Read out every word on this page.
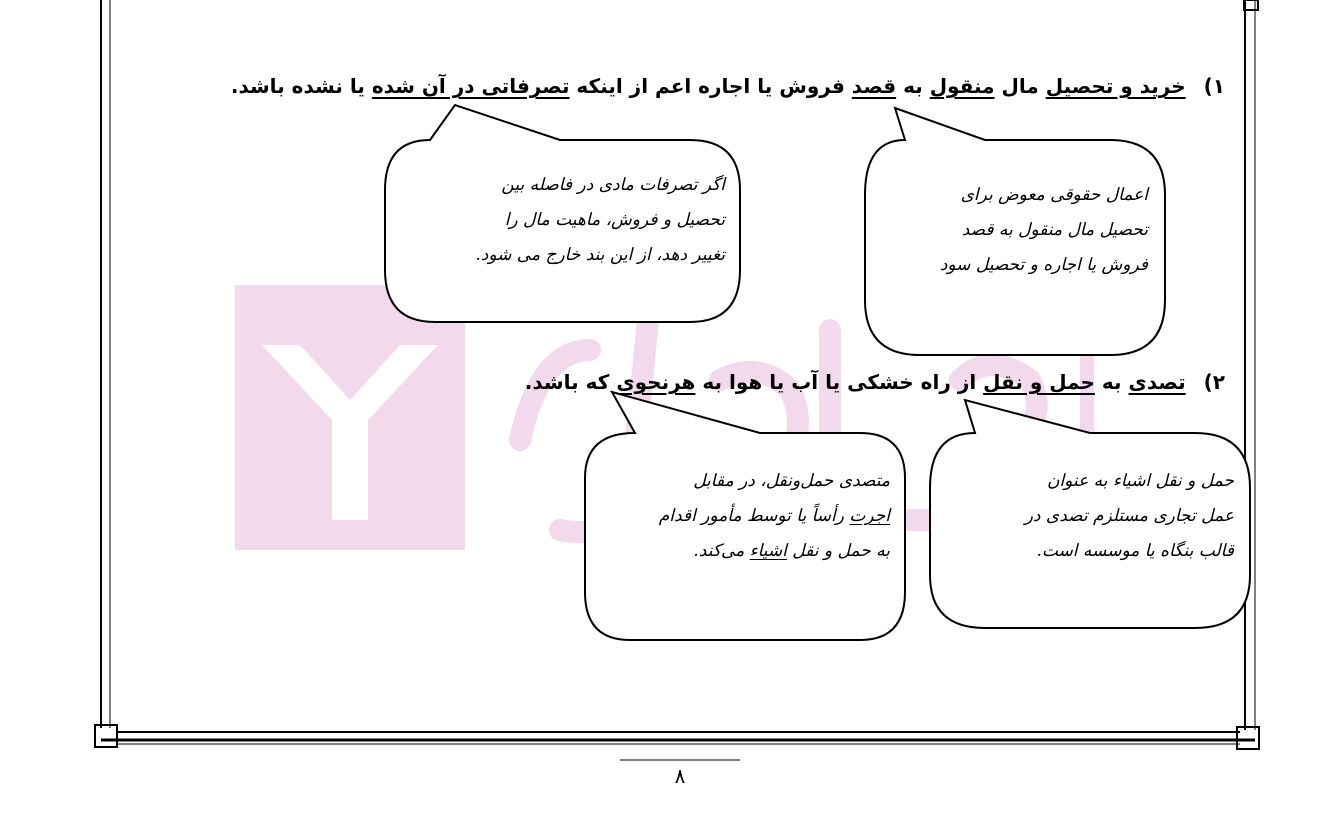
١)خرید و تحصیل مال منقول به قصد فروش یا اجاره اعم از اینکه تصرفاتی در آن شده یا نشده باشد.
اعمال حقوقی معوض برای
تحصیل مال منقول به قصد
فروش یا اجاره و تحصیل سود
اگر تصرفات مادی در فاصله بین
تحصیل و فروش، ماهیت مال را
تغییر دهد، از این بند خارج می شود.
٢)تصدی به حمل و نقل از راه خشکی یا آب یا هوا به هرنحوی که باشد.
حمل و نقل اشیاء به عنوان
عمل تجاری مستلزم تصدی در
قالب بنگاه یا موسسه است.
متصدی حمل‌ونقل، در مقابل
اجرت رأساً یا توسط مأمور اقدام
به حمل و نقل اشیاء می‌کند.
٨
